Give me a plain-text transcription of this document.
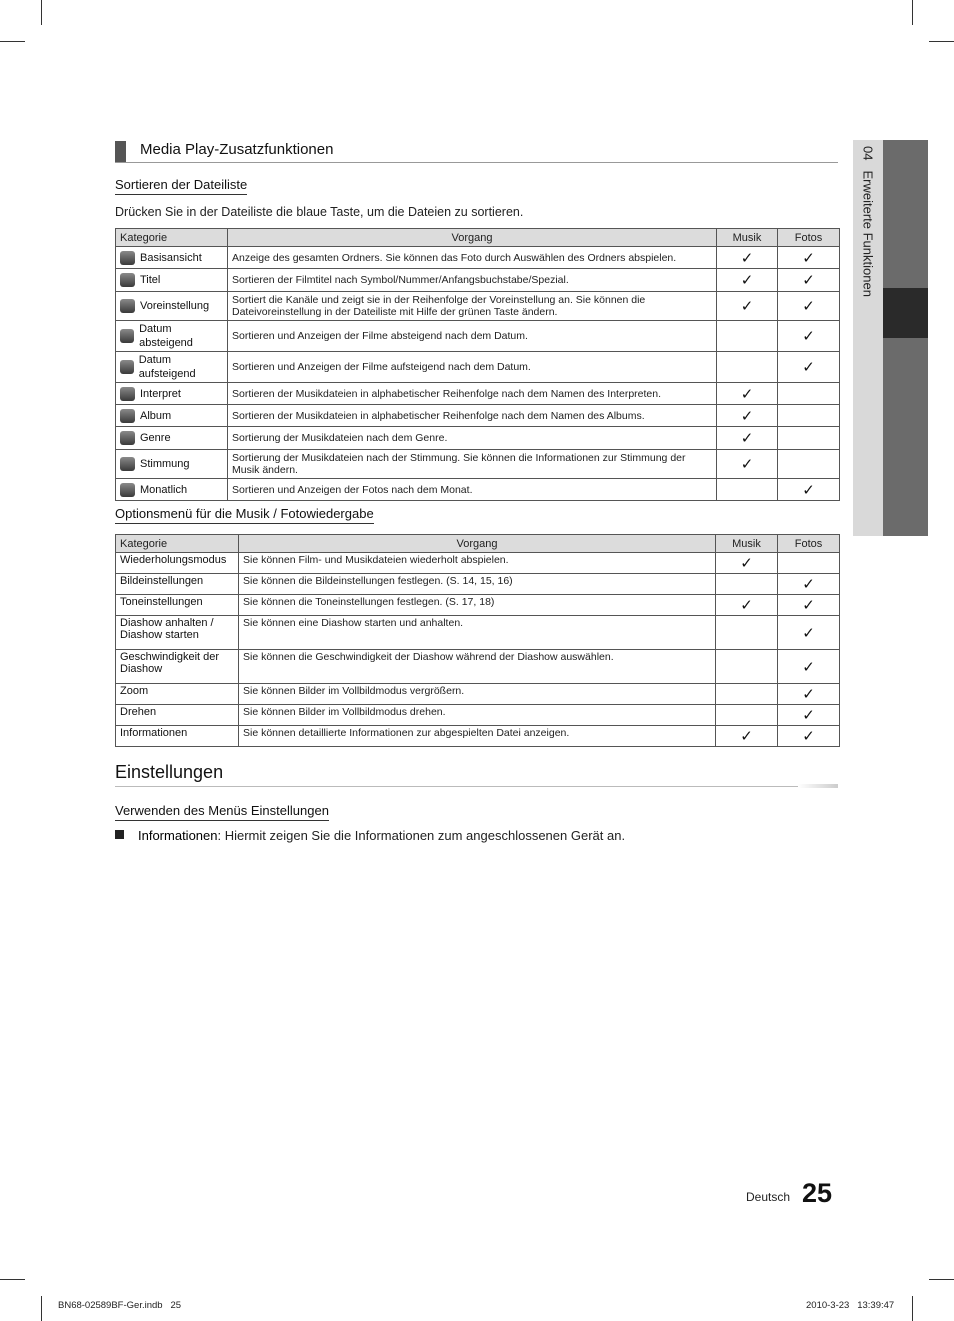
04Erweiterte Funktionen
Media Play-Zusatzfunktionen
Sortieren der Dateiliste
Drücken Sie in der Dateiliste die blaue Taste, um die Dateien zu sortieren.
Kategorie	Vorgang	Musik	Fotos

Basisansicht	Anzeige des gesamten Ordners. Sie können das Foto durch Auswählen des Ordners abspielen.	✓	✓

Titel	Sortieren der Filmtitel nach Symbol/Nummer/Anfangsbuchstabe/Spezial.	✓	✓

Voreinstellung	Sortiert die Kanäle und zeigt sie in der Reihenfolge der Voreinstellung an. Sie können die Dateivoreinstellung in der Dateiliste mit Hilfe der grünen Taste ändern.	✓	✓

Datum absteigend	Sortieren und Anzeigen der Filme absteigend nach dem Datum.		✓

Datum aufsteigend	Sortieren und Anzeigen der Filme aufsteigend nach dem Datum.		✓

Interpret	Sortieren der Musikdateien in alphabetischer Reihenfolge nach dem Namen des Interpreten.	✓	

Album	Sortieren der Musikdateien in alphabetischer Reihenfolge nach dem Namen des Albums.	✓	

Genre	Sortierung der Musikdateien nach dem Genre.	✓	

Stimmung	Sortierung der Musikdateien nach der Stimmung. Sie können die Informationen zur Stimmung der Musik ändern.	✓	

Monatlich	Sortieren und Anzeigen der Fotos nach dem Monat.		✓
Optionsmenü für die Musik / Fotowiedergabe
Kategorie	Vorgang	Musik	Fotos

Wiederholungsmodus	Sie können Film- und Musikdateien wiederholt abspielen.	✓	

Bildeinstellungen	Sie können die Bildeinstellungen festlegen. (S. 14, 15, 16)		✓

Toneinstellungen	Sie können die Toneinstellungen festlegen. (S. 17, 18)	✓	✓

Diashow anhalten / Diashow starten	Sie können eine Diashow starten und anhalten.		✓

Geschwindigkeit der Diashow	Sie können die Geschwindigkeit der Diashow während der Diashow auswählen.		✓

Zoom	Sie können Bilder im Vollbildmodus vergrößern.		✓

Drehen	Sie können Bilder im Vollbildmodus drehen.		✓

Informationen	Sie können detaillierte Informationen zur abgespielten Datei anzeigen.	✓	✓
Einstellungen
Verwenden des Menüs Einstellungen
Informationen: Hiermit zeigen Sie die Informationen zum angeschlossenen Gerät an.
Deutsch 25
BN68-02589BF-Ger.indb   25	2010-3-23   13:39:47
